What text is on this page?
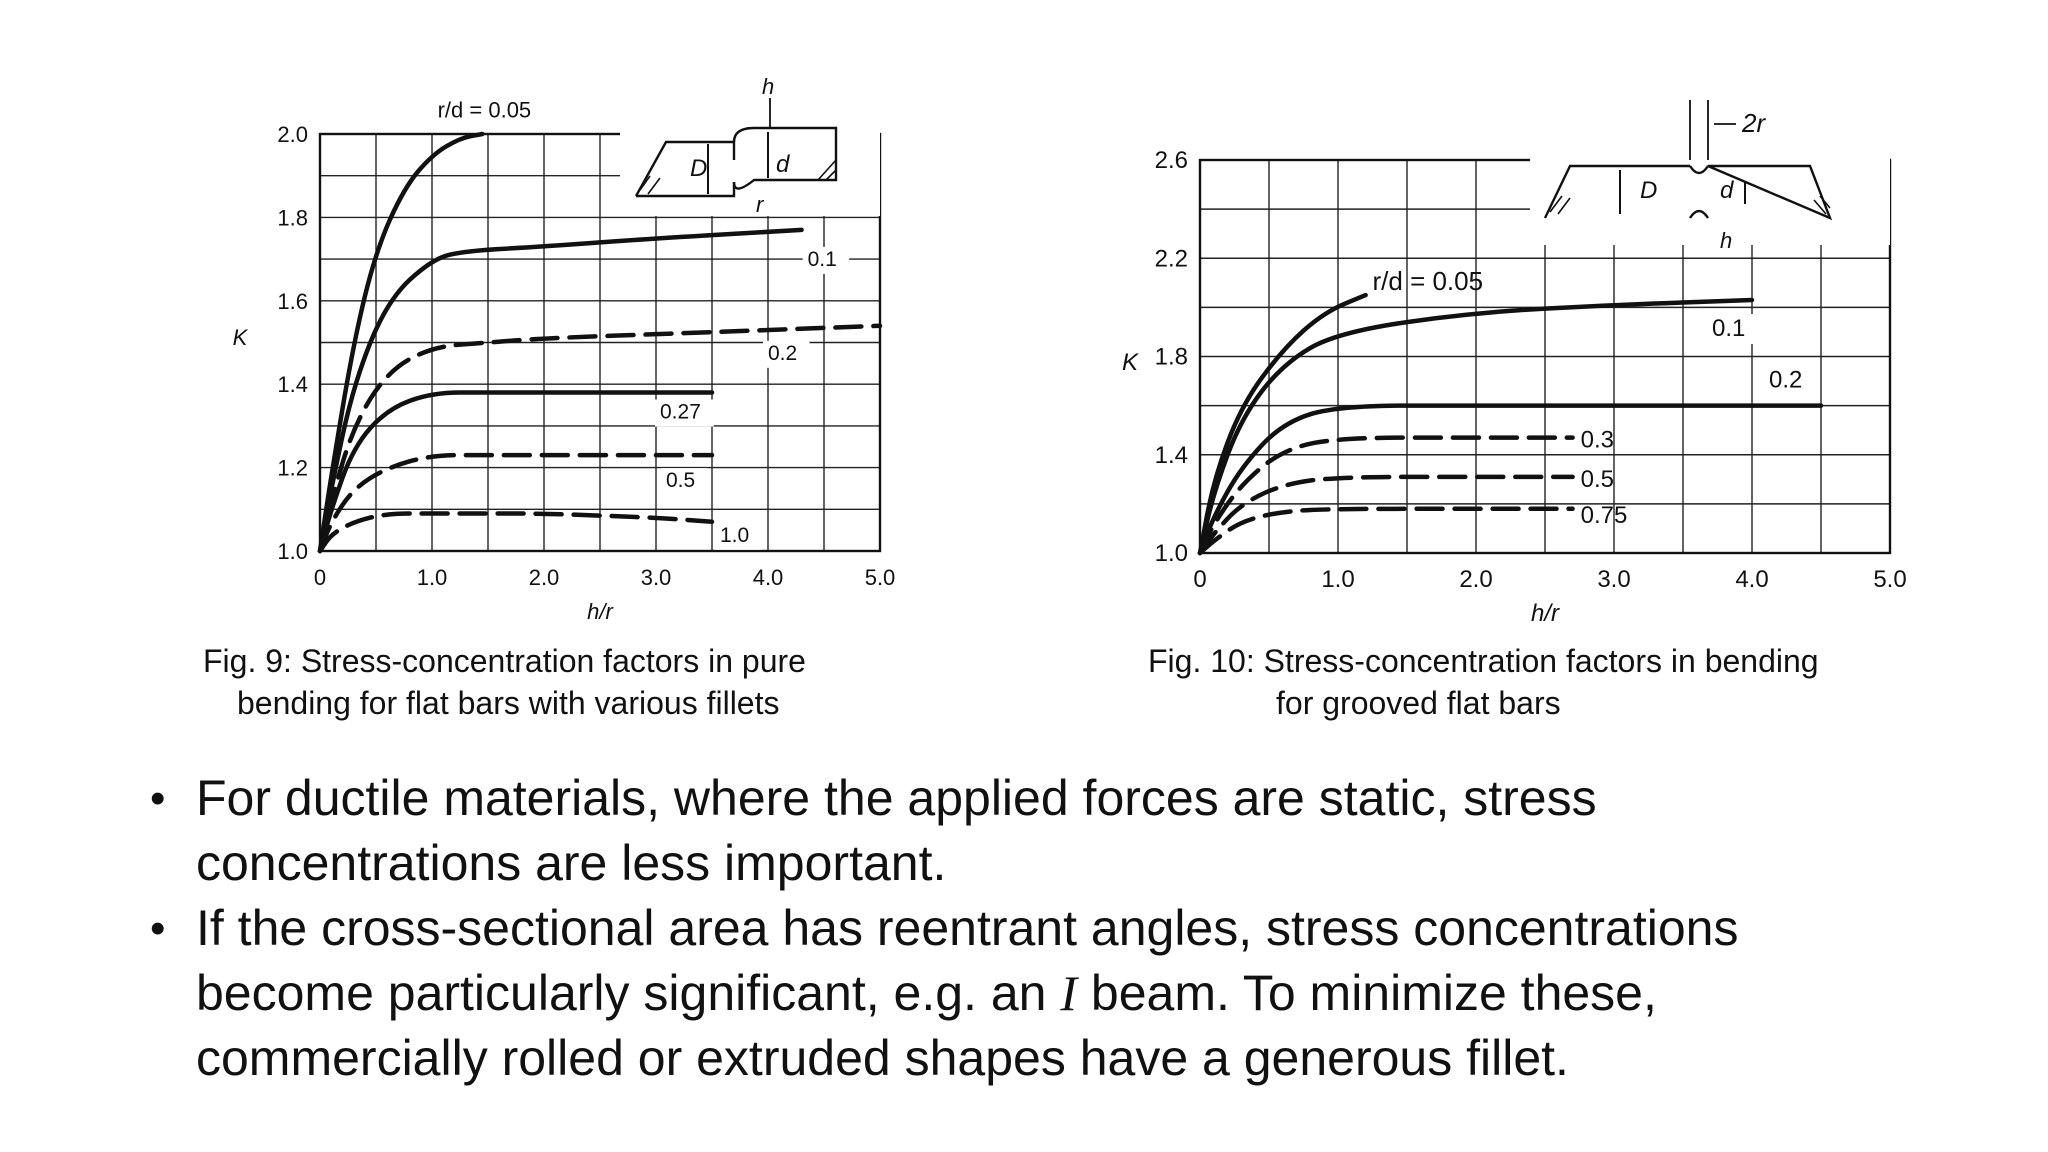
0	1.0	2.0	3.0	4.0	5.0
1.0
1.2
1.4
1.6
1.8
2.0
h/r
K
D	d
h
r
r/d = 0.05
0.1
0.2
0.27
0.5
1.0
0	1.0	2.0	3.0	4.0	5.0
1.0
1.4
1.8
2.2
2.6
h/r
K
D	d
h
2r
r/d = 0.05
0.1
0.2
0.3
0.5
0.75
Fig. 9: Stress-concentration factors in pure
bending for flat bars with various fillets
Fig. 10: Stress-concentration factors in bending
for grooved flat bars
• For ductile materials, where the applied forces are static, stress concentrations are less important.
• If the cross-sectional area has reentrant angles, stress concentrations become particularly significant, e.g. an I beam. To minimize these, commercially rolled or extruded shapes have a generous fillet.
